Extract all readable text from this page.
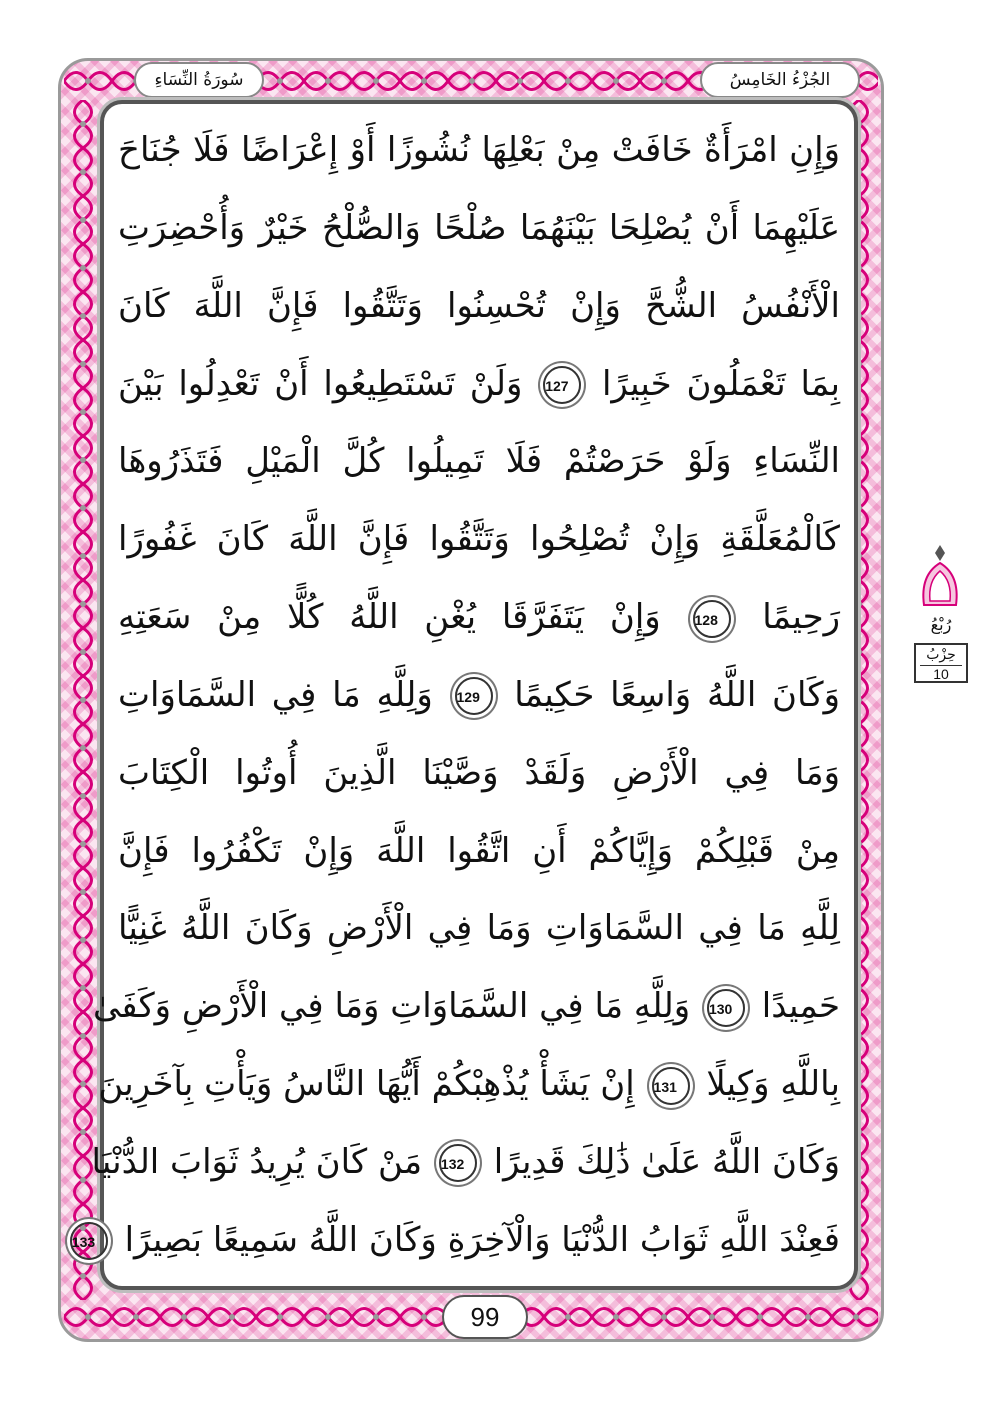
الجُزْءُ الخَامِسُ
سُورَةُ النِّسَاءِ
وَإِنِ امْرَأَةٌ خَافَتْ مِنْ بَعْلِهَا نُشُوزًا أَوْ إِعْرَاضًا فَلَا جُنَاحَ
عَلَيْهِمَا أَنْ يُصْلِحَا بَيْنَهُمَا صُلْحًا وَالصُّلْحُ خَيْرٌ وَأُحْضِرَتِ
الْأَنْفُسُ الشُّحَّ وَإِنْ تُحْسِنُوا وَتَتَّقُوا فَإِنَّ اللَّهَ كَانَ
بِمَا تَعْمَلُونَ خَبِيرًا 127 وَلَنْ تَسْتَطِيعُوا أَنْ تَعْدِلُوا بَيْنَ
النِّسَاءِ وَلَوْ حَرَصْتُمْ فَلَا تَمِيلُوا كُلَّ الْمَيْلِ فَتَذَرُوهَا
كَالْمُعَلَّقَةِ وَإِنْ تُصْلِحُوا وَتَتَّقُوا فَإِنَّ اللَّهَ كَانَ غَفُورًا
رَحِيمًا 128 وَإِنْ يَتَفَرَّقَا يُغْنِ اللَّهُ كُلًّا مِنْ سَعَتِهِ
وَكَانَ اللَّهُ وَاسِعًا حَكِيمًا 129 وَلِلَّهِ مَا فِي السَّمَاوَاتِ
وَمَا فِي الْأَرْضِ وَلَقَدْ وَصَّيْنَا الَّذِينَ أُوتُوا الْكِتَابَ
مِنْ قَبْلِكُمْ وَإِيَّاكُمْ أَنِ اتَّقُوا اللَّهَ وَإِنْ تَكْفُرُوا فَإِنَّ
لِلَّهِ مَا فِي السَّمَاوَاتِ وَمَا فِي الْأَرْضِ وَكَانَ اللَّهُ غَنِيًّا
حَمِيدًا 130 وَلِلَّهِ مَا فِي السَّمَاوَاتِ وَمَا فِي الْأَرْضِ وَكَفَىٰ
بِاللَّهِ وَكِيلًا 131 إِنْ يَشَأْ يُذْهِبْكُمْ أَيُّهَا النَّاسُ وَيَأْتِ بِآخَرِينَ
وَكَانَ اللَّهُ عَلَىٰ ذَٰلِكَ قَدِيرًا 132 مَنْ كَانَ يُرِيدُ ثَوَابَ الدُّنْيَا
فَعِنْدَ اللَّهِ ثَوَابُ الدُّنْيَا وَالْآخِرَةِ وَكَانَ اللَّهُ سَمِيعًا بَصِيرًا 133
99
رُبْعُ
حِزْبُ
10
